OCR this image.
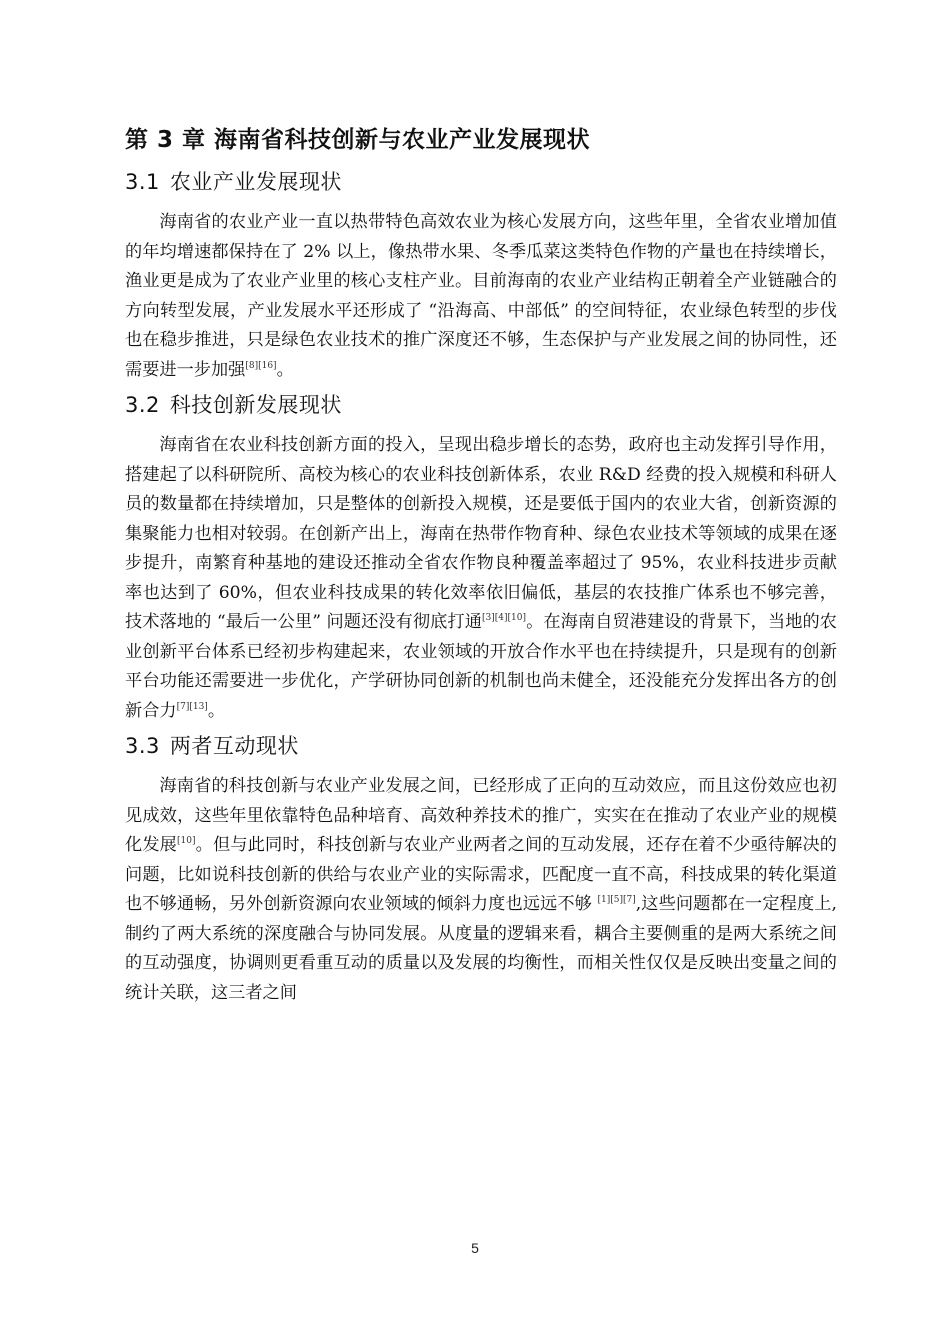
第 3 章 海南省科技创新与农业产业发展现状
3.1 农业产业发展现状

海南省的农业产业一直以热带特色高效农业为核心发展方向，这些年里，全省农业增加值的年均增速都保持在了 2% 以上，像热带水果、冬季瓜菜这类特色作物的产量也在持续增长，渔业更是成为了农业产业里的核心支柱产业。目前海南的农业产业结构正朝着全产业链融合的方向转型发展，产业发展水平还形成了 “沿海高、中部低” 的空间特征，农业绿色转型的步伐也在稳步推进，只是绿色农业技术的推广深度还不够，生态保护与产业发展之间的协同性，还需要进一步加强[8][16]。

3.2 科技创新发展现状

海南省在农业科技创新方面的投入，呈现出稳步增长的态势，政府也主动发挥引导作用，搭建起了以科研院所、高校为核心的农业科技创新体系，农业 R&D 经费的投入规模和科研人员的数量都在持续增加，只是整体的创新投入规模，还是要低于国内的农业大省，创新资源的集聚能力也相对较弱。在创新产出上，海南在热带作物育种、绿色农业技术等领域的成果在逐步提升，南繁育种基地的建设还推动全省农作物良种覆盖率超过了 95%，农业科技进步贡献率也达到了 60%，但农业科技成果的转化效率依旧偏低，基层的农技推广体系也不够完善，技术落地的 “最后一公里” 问题还没有彻底打通[3][4][10]。在海南自贸港建设的背景下，当地的农业创新平台体系已经初步构建起来，农业领域的开放合作水平也在持续提升，只是现有的创新平台功能还需要进一步优化，产学研协同创新的机制也尚未健全，还没能充分发挥出各方的创新合力[7][13]。

3.3 两者互动现状

海南省的科技创新与农业产业发展之间，已经形成了正向的互动效应，而且这份效应也初见成效，这些年里依靠特色品种培育、高效种养技术的推广，实实在在推动了农业产业的规模化发展[10]。但与此同时，科技创新与农业产业两者之间的互动发展，还存在着不少亟待解决的问题，比如说科技创新的供给与农业产业的实际需求，匹配度一直不高，科技成果的转化渠道也不够通畅，另外创新资源向农业领域的倾斜力度也远远不够 [1][5][7],这些问题都在一定程度上,制约了两大系统的深度融合与协同发展。从度量的逻辑来看，耦合主要侧重的是两大系统之间的互动强度，协调则更看重互动的质量以及发展的均衡性，而相关性仅仅是反映出变量之间的统计关联，这三者之间

5
